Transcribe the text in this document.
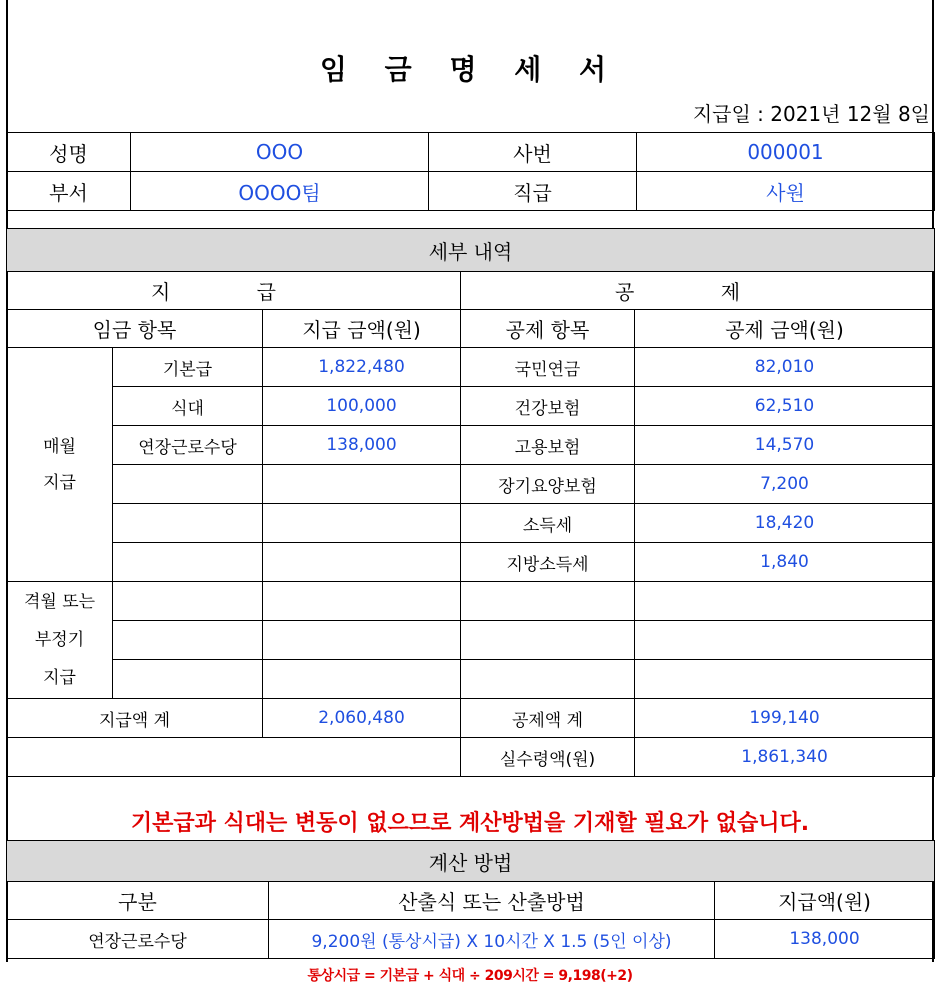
임 금 명 세 서
지급일 : 2021년 12월 8일
성명	OOO	사번	000001
부서	OOOO팀	직급	사원
세부 내역				
지 급			공 제	
임금 항목		지급 금액(원)	공제 항목	공제 금액(원)

매월
지급	기본급	1,822,480	국민연금	82,010
	식대	100,000	건강보험	62,510
	연장근로수당	138,000	고용보험	14,570
			장기요양보험	7,200
			소득세	18,420
			지방소득세	1,840

격월 또는
부정기
지급				

지급액 계		2,060,480	공제액 계	199,140
			실수령액(원)	1,861,340
기본급과 식대는 변동이 없으므로 계산방법을 기재할 필요가 없습니다.
계산 방법		
구분	산출식 또는 산출방법	지급액(원)
연장근로수당	9,200원 (통상시급) X 10시간 X 1.5 (5인 이상)	138,000
통상시급 = 기본급 + 식대 ÷ 209시간 = 9,198(+2)
